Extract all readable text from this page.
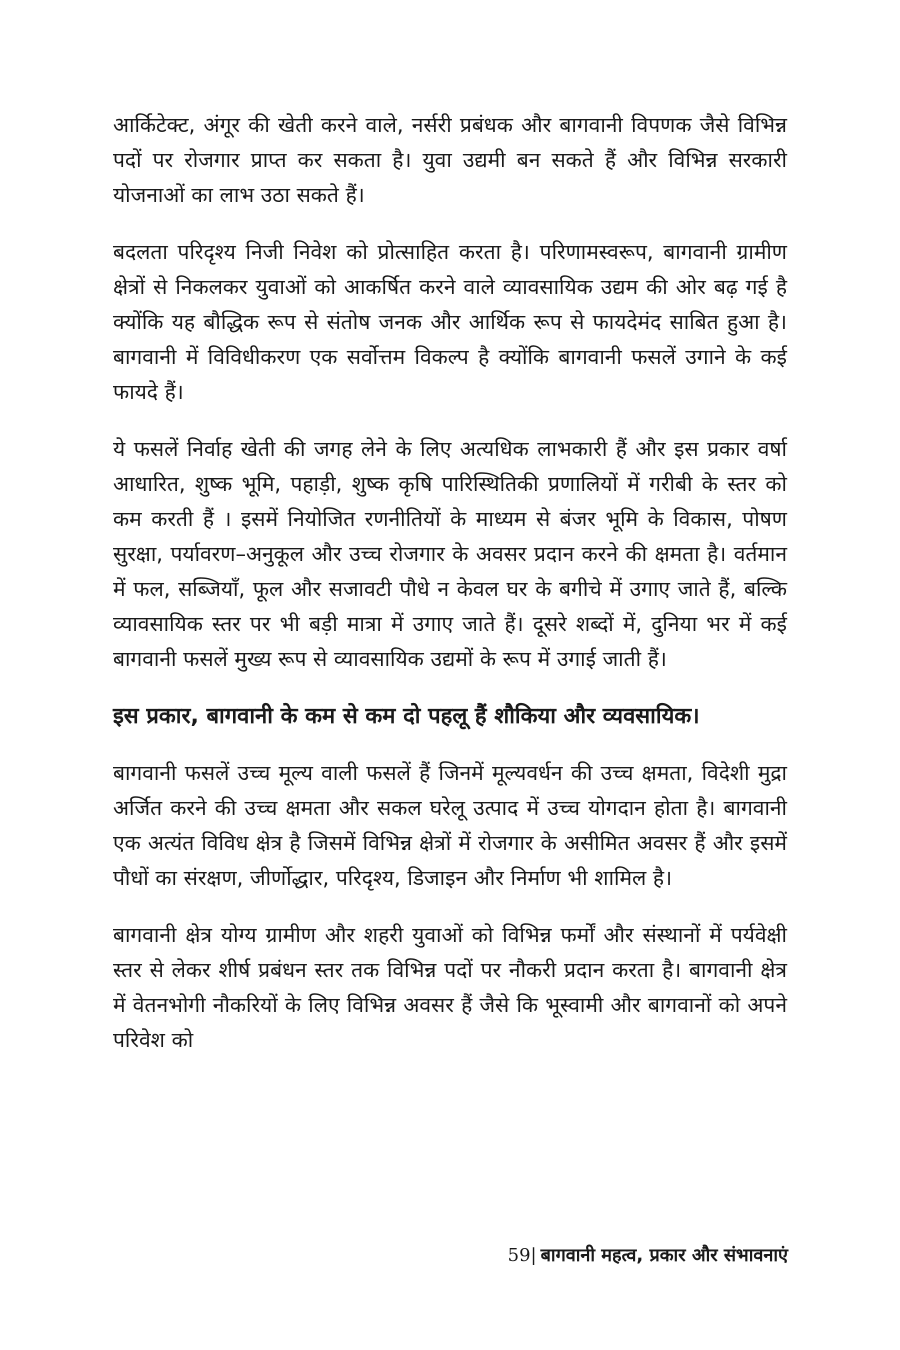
आर्किटेक्ट, अंगूर की खेती करने वाले, नर्सरी प्रबंधक और बागवानी विपणक जैसे विभिन्न पदों पर रोजगार प्राप्त कर सकता है। युवा उद्यमी बन सकते हैं और विभिन्न सरकारी योजनाओं का लाभ उठा सकते हैं।

बदलता परिदृश्य निजी निवेश को प्रोत्साहित करता है। परिणामस्वरूप, बागवानी ग्रामीण क्षेत्रों से निकलकर युवाओं को आकर्षित करने वाले व्यावसायिक उद्यम की ओर बढ़ गई है क्योंकि यह बौद्धिक रूप से संतोष जनक और आर्थिक रूप से फायदेमंद साबित हुआ है। बागवानी में विविधीकरण एक सर्वोत्तम विकल्प है क्योंकि बागवानी फसलें उगाने के कई फायदे हैं।

ये फसलें निर्वाह खेती की जगह लेने के लिए अत्यधिक लाभकारी हैं और इस प्रकार वर्षा आधारित, शुष्क भूमि, पहाड़ी, शुष्क कृषि पारिस्थितिकी प्रणालियों में गरीबी के स्तर को कम करती हैं । इसमें नियोजित रणनीतियों के माध्यम से बंजर भूमि के विकास, पोषण सुरक्षा, पर्यावरण–अनुकूल और उच्च रोजगार के अवसर प्रदान करने की क्षमता है। वर्तमान में फल, सब्जियाँ, फूल और सजावटी पौधे न केवल घर के बगीचे में उगाए जाते हैं, बल्कि व्यावसायिक स्तर पर भी बड़ी मात्रा में उगाए जाते हैं। दूसरे शब्दों में, दुनिया भर में कई बागवानी फसलें मुख्य रूप से व्यावसायिक उद्यमों के रूप में उगाई जाती हैं।

इस प्रकार, बागवानी के कम से कम दो पहलू हैं शौकिया और व्यवसायिक।

बागवानी फसलें उच्च मूल्य वाली फसलें हैं जिनमें मूल्यवर्धन की उच्च क्षमता, विदेशी मुद्रा अर्जित करने की उच्च क्षमता और सकल घरेलू उत्पाद में उच्च योगदान होता है। बागवानी एक अत्यंत विविध क्षेत्र है जिसमें विभिन्न क्षेत्रों में रोजगार के असीमित अवसर हैं और इसमें पौधों का संरक्षण, जीर्णोद्धार, परिदृश्य, डिजाइन और निर्माण भी शामिल है।

बागवानी क्षेत्र योग्य ग्रामीण और शहरी युवाओं को विभिन्न फर्मों और संस्थानों में पर्यवेक्षी स्तर से लेकर शीर्ष प्रबंधन स्तर तक विभिन्न पदों पर नौकरी प्रदान करता है। बागवानी क्षेत्र में वेतनभोगी नौकरियों के लिए विभिन्न अवसर हैं जैसे कि भूस्वामी और बागवानों को अपने परिवेश को

59| बागवानी महत्व, प्रकार और संभावनाएं
